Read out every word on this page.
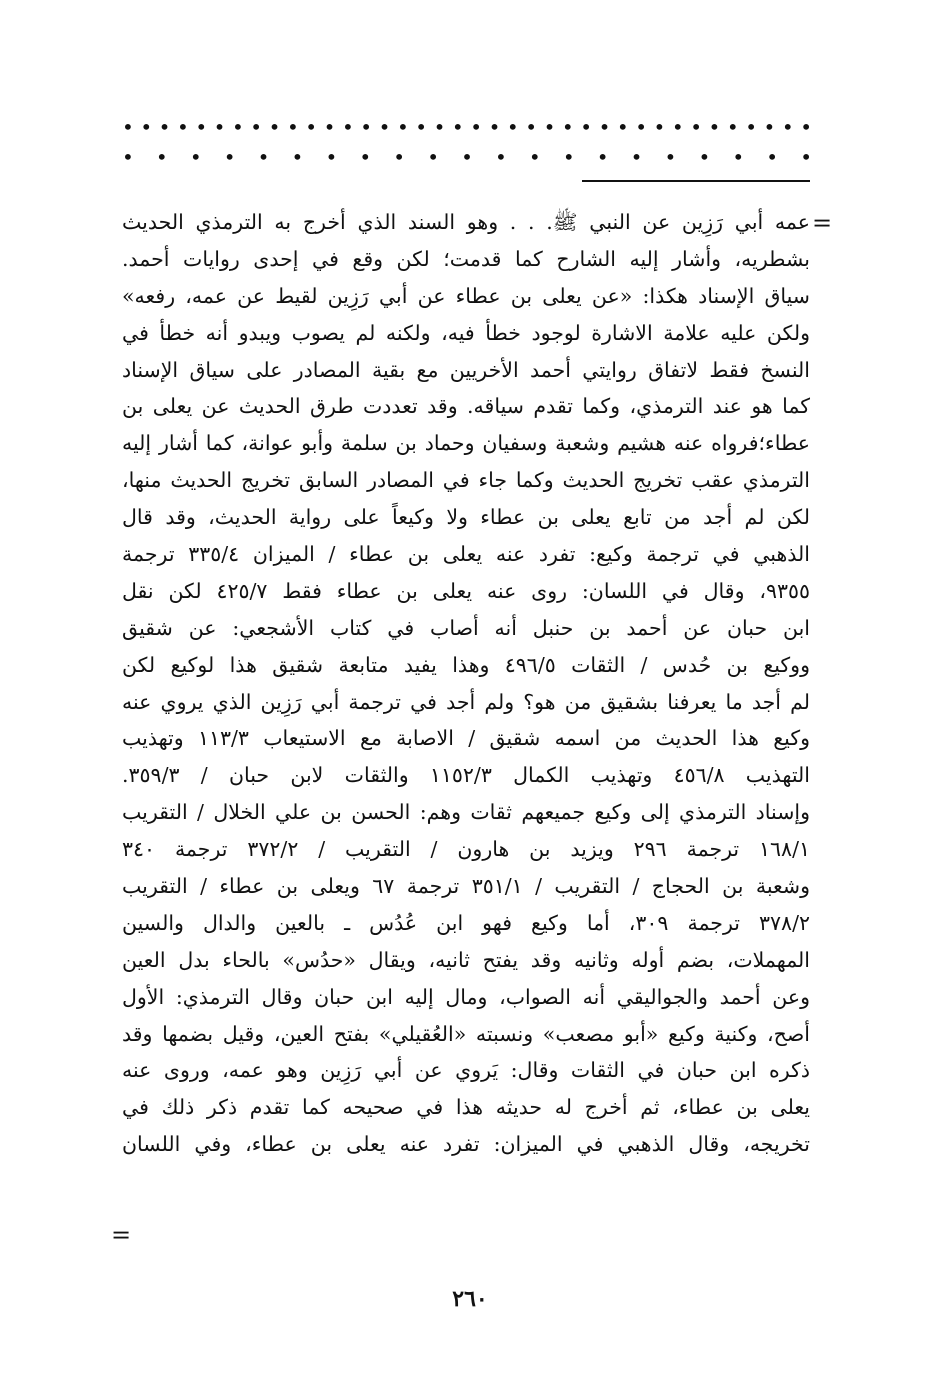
• • • • • • • • • • • • • • • • • • • • • • • • • • • • • • • • • • • • • • • • • • • • • • • • • • • • • • • • • • •
=
عمه أبي رَزِين عن النبي ﷺ. . . وهو السند الذي أخرج به الترمذي الحديث
بشطريه، وأشار إليه الشارح كما قدمت؛ لكن وقع في إحدى روايات أحمد.
سياق الإسناد هكذا: «عن يعلى بن عطاء عن أبي رَزِين لقيط عن عمه، رفعه»
ولكن عليه علامة الاشارة لوجود خطأ فيه، ولكنه لم يصوب ويبدو أنه خطأ في
النسخ فقط لاتفاق روايتي أحمد الأخريين مع بقية المصادر على سياق الإسناد
كما هو عند الترمذي، وكما تقدم سياقه. وقد تعددت طرق الحديث عن يعلى بن
عطاء؛فرواه عنه هشيم وشعبة وسفيان وحماد بن سلمة وأبو عوانة، كما أشار إليه
الترمذي عقب تخريج الحديث وكما جاء في المصادر السابق تخريج الحديث منها،
لكن لم أجد من تابع يعلى بن عطاء ولا وكيعاً على رواية الحديث، وقد قال
الذهبي في ترجمة وكيع: تفرد عنه يعلى بن عطاء / الميزان ٣٣٥/٤ ترجمة
٩٣٥٥، وقال في اللسان: روى عنه يعلى بن عطاء فقط ٤٢٥/٧ لكن نقل
ابن حبان عن أحمد بن حنبل أنه أصاب في كتاب الأشجعي: عن شقيق
ووكيع بن حُدس / الثقات ٤٩٦/٥ وهذا يفيد متابعة شقيق هذا لوكيع لكن
لم أجد ما يعرفنا بشقيق من هو؟ ولم أجد في ترجمة أبي رَزِين الذي يروي عنه
وكيع هذا الحديث من اسمه شقيق / الاصابة مع الاستيعاب ١١٣/٣ وتهذيب
التهذيب ٤٥٦/٨ وتهذيب الكمال ١١٥٢/٣ والثقات لابن حبان / ٣٥٩/٣.
وإسناد الترمذي إلى وكيع جميعهم ثقات وهم: الحسن بن علي الخلال / التقريب
١٦٨/١ ترجمة ٢٩٦ ويزيد بن هارون / التقريب / ٣٧٢/٢ ترجمة ٣٤٠
وشعبة بن الحجاج / التقريب / ٣٥١/١ ترجمة ٦٧ ويعلى بن عطاء / التقريب
٣٧٨/٢ ترجمة ٣٠٩، أما وكيع فهو ابن عُدُس ـ بالعين والدال والسين
المهملات، بضم أوله وثانيه وقد يفتح ثانيه، ويقال «حدُس» بالحاء بدل العين
وعن أحمد والجواليقي أنه الصواب، ومال إليه ابن حبان وقال الترمذي: الأول
أصح، وكنية وكيع «أبو مصعب» ونسبته «العُقيلي» بفتح العين، وقيل بضمها وقد
ذكره ابن حبان في الثقات وقال: يَروي عن أبي رَزِين وهو عمه، وروى عنه
يعلى بن عطاء، ثم أخرج له حديثه هذا في صحيحه كما تقدم ذكر ذلك في
تخريجه، وقال الذهبي في الميزان: تفرد عنه يعلى بن عطاء، وفي اللسان
=
٢٦٠
